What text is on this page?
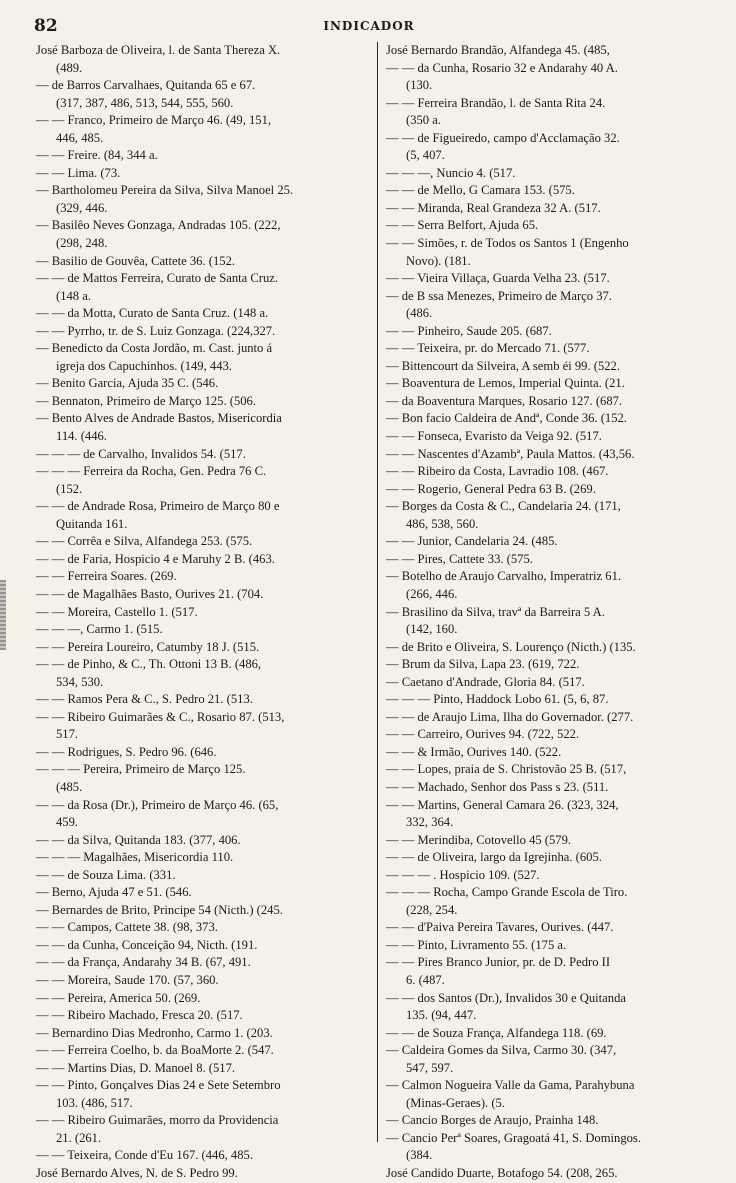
82	INDICADOR
José Barboza de Oliveira, l. de Santa Thereza X.
(489.
— de Barros Carvalhaes, Quitanda 65 e 67.
(317, 387, 486, 513, 544, 555, 560.
— — Franco, Primeiro de Março 46. (49, 151,
446, 485.
— — Freire. (84, 344 a.
— — Lima. (73.
— Bartholomeu Pereira da Silva, Silva Manoel 25.
(329, 446.
— Basilêo Neves Gonzaga, Andradas 105. (222,
(298, 248.
— Basilio de Gouvêa, Cattete 36. (152.
— — de Mattos Ferreira, Curato de Santa Cruz.
(148 a.
— — da Motta, Curato de Santa Cruz. (148 a.
— — Pyrrho, tr. de S. Luiz Gonzaga. (224,327.
— Benedicto da Costa Jordão, m. Cast. junto á
igreja dos Capuchinhos. (149, 443.
— Benito Garcia, Ajuda 35 C. (546.
— Bennaton, Primeiro de Março 125. (506.
— Bento Alves de Andrade Bastos, Misericordia
114. (446.
— — — de Carvalho, Invalidos 54. (517.
— — — Ferreira da Rocha, Gen. Pedra 76 C.
(152.
— — de Andrade Rosa, Primeiro de Março 80 e
Quitanda 161.
— — Corrêa e Silva, Alfandega 253. (575.
— — de Faria, Hospicio 4 e Maruhy 2 B. (463.
— — Ferreira Soares. (269.
— — de Magalhães Basto, Ourives 21. (704.
— — Moreira, Castello 1. (517.
— — —, Carmo 1. (515.
— — Pereira Loureiro, Catumby 18 J. (515.
— — de Pinho, & C., Th. Ottoni 13 B. (486,
534, 530.
— — Ramos Pera & C., S. Pedro 21. (513.
— — Ribeiro Guimarães & C., Rosario 87. (513,
517.
— — Rodrigues, S. Pedro 96. (646.
— — — Pereira, Primeiro de Março 125.
(485.
— — da Rosa (Dr.), Primeiro de Março 46. (65,
459.
— — da Silva, Quitanda 183. (377, 406.
— — — Magalhães, Misericordia 110.
— — de Souza Lima. (331.
— Berno, Ajuda 47 e 51. (546.
— Bernardes de Brito, Principe 54 (Nicth.) (245.
— — Campos, Cattete 38. (98, 373.
— — da Cunha, Conceição 94, Nicth. (191.
— — da França, Andarahy 34 B. (67, 491.
— — Moreira, Saude 170. (57, 360.
— — Pereira, America 50. (269.
— — Ribeiro Machado, Fresca 20. (517.
— Bernardino Dias Medronho, Carmo 1. (203.
— — Ferreira Coelho, b. da BoaMorte 2. (547.
— — Martins Dias, D. Manoel 8. (517.
— — Pinto, Gonçalves Dias 24 e Sete Setembro
103. (486, 517.
— — Ribeiro Guimarães, morro da Providencia
21. (261.
— — Teixeira, Conde d'Eu 167. (446, 485.
José Bernardo Alves, N. de S. Pedro 99.
José Bernardo Brandão, Alfandega 45. (485,
— — da Cunha, Rosario 32 e Andarahy 40 A.
(130.
— — Ferreira Brandão, l. de Santa Rita 24.
(350 a.
— — de Figueiredo, campo d'Acclamação 32.
(5, 407.
— — —, Nuncio 4. (517.
— — de Mello, G Camara 153. (575.
— — Miranda, Real Grandeza 32 A. (517.
— — Serra Belfort, Ajuda 65.
— — Simões, r. de Todos os Santos 1 (Engenho
Novo). (181.
— — Vieira Villaça, Guarda Velha 23. (517.
— de B ssa Menezes, Primeiro de Março 37.
(486.
— — Pinheiro, Saude 205. (687.
— — Teixeira, pr. do Mercado 71. (577.
— Bittencourt da Silveira, A semb éi 99. (522.
— Boaventura de Lemos, Imperial Quinta. (21.
— da Boaventura Marques, Rosario 127. (687.
— Bon facio Caldeira de Andª, Conde 36. (152.
— — Fonseca, Evaristo da Veiga 92. (517.
— — Nascentes d'Azambª, Paula Mattos. (43,56.
— — Ribeiro da Costa, Lavradio 108. (467.
— — Rogerio, General Pedra 63 B. (269.
— Borges da Costa & C., Candelaria 24. (171,
486, 538, 560.
— — Junior, Candelaria 24. (485.
— — Pires, Cattete 33. (575.
— Botelho de Araujo Carvalho, Imperatriz 61.
(266, 446.
— Brasilino da Silva, travª da Barreira 5 A.
(142, 160.
— de Brito e Oliveira, S. Lourenço (Nicth.) (135.
— Brum da Silva, Lapa 23. (619, 722.
— Caetano d'Andrade, Gloria 84. (517.
— — — Pinto, Haddock Lobo 61. (5, 6, 87.
— — de Araujo Lima, Ilha do Governador. (277.
— — Carreiro, Ourives 94. (722, 522.
— — & Irmão, Ourives 140. (522.
— — Lopes, praia de S. Christovão 25 B. (517,
— — Machado, Senhor dos Pass s 23. (511.
— — Martins, General Camara 26. (323, 324,
332, 364.
— — Merindiba, Cotovello 45 (579.
— — de Oliveira, largo da Igrejinha. (605.
— — — . Hospicio 109. (527.
— — — Rocha, Campo Grande Escola de Tiro.
(228, 254.
— — d'Paiva Pereira Tavares, Ourives. (447.
— — Pinto, Livramento 55. (175 a.
— — Pires Branco Junior, pr. de D. Pedro II
6. (487.
— — dos Santos (Dr.), Invalidos 30 e Quitanda
135. (94, 447.
— — de Souza França, Alfandega 118. (69.
— Caldeira Gomes da Silva, Carmo 30. (347,
547, 597.
— Calmon Nogueira Valle da Gama, Parahybuna
(Minas-Geraes). (5.
— Cancio Borges de Araujo, Prainha 148.
— Cancio Perª Soares, Gragoatá 41, S. Domingos.
(384.
José Candido Duarte, Botafogo 54. (208, 265.
